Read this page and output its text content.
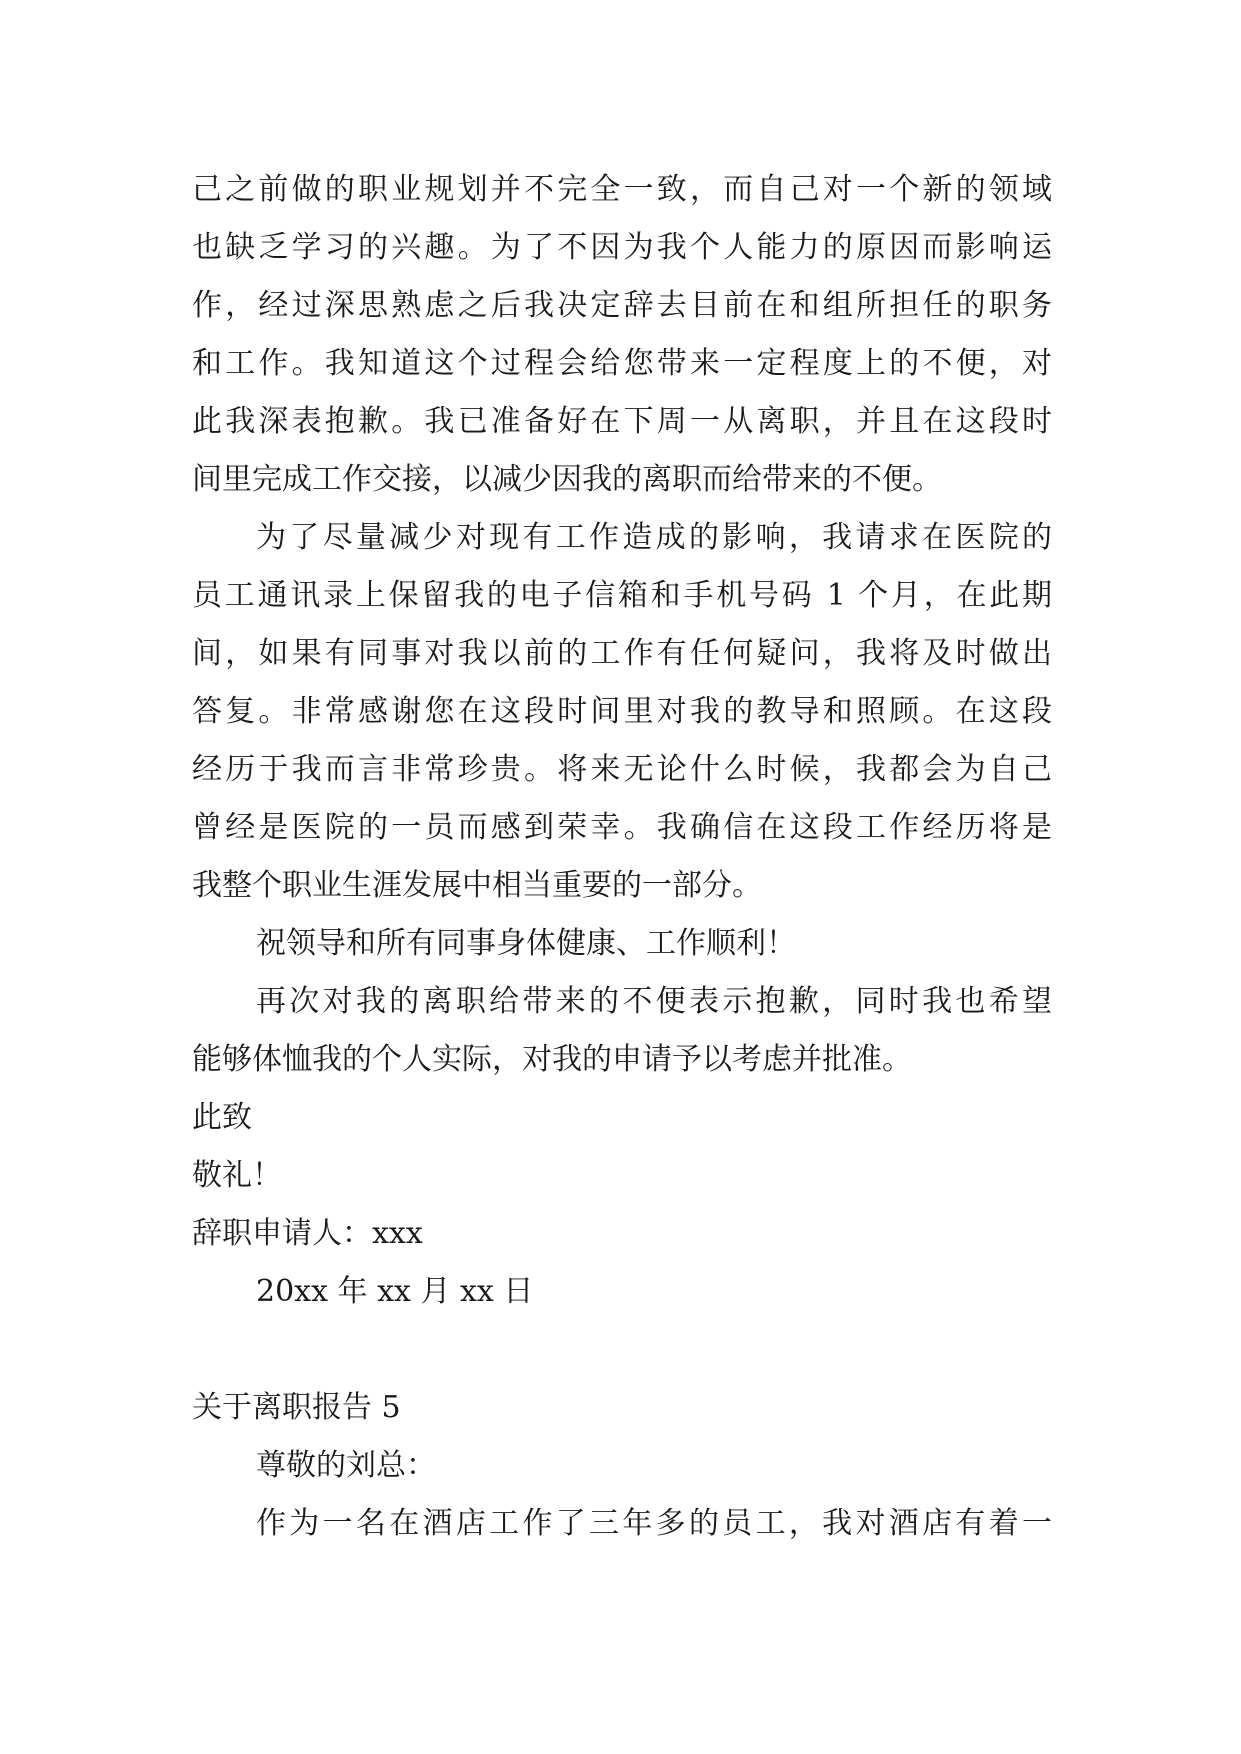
己之前做的职业规划并不完全一致，而自己对一个新的领域
也缺乏学习的兴趣。为了不因为我个人能力的原因而影响运
作，经过深思熟虑之后我决定辞去目前在和组所担任的职务
和工作。我知道这个过程会给您带来一定程度上的不便，对
此我深表抱歉。我已准备好在下周一从离职，并且在这段时
间里完成工作交接，以减少因我的离职而给带来的不便。
为了尽量减少对现有工作造成的影响，我请求在医院的
员工通讯录上保留我的电子信箱和手机号码 1 个月，在此期
间，如果有同事对我以前的工作有任何疑问，我将及时做出
答复。非常感谢您在这段时间里对我的教导和照顾。在这段
经历于我而言非常珍贵。将来无论什么时候，我都会为自己
曾经是医院的一员而感到荣幸。我确信在这段工作经历将是
我整个职业生涯发展中相当重要的一部分。
祝领导和所有同事身体健康、工作顺利！
再次对我的离职给带来的不便表示抱歉，同时我也希望
能够体恤我的个人实际，对我的申请予以考虑并批准。
此致
敬礼！
辞职申请人：xxx
20xx 年 xx 月 xx 日
关于离职报告 5
尊敬的刘总：
作为一名在酒店工作了三年多的员工，我对酒店有着一
